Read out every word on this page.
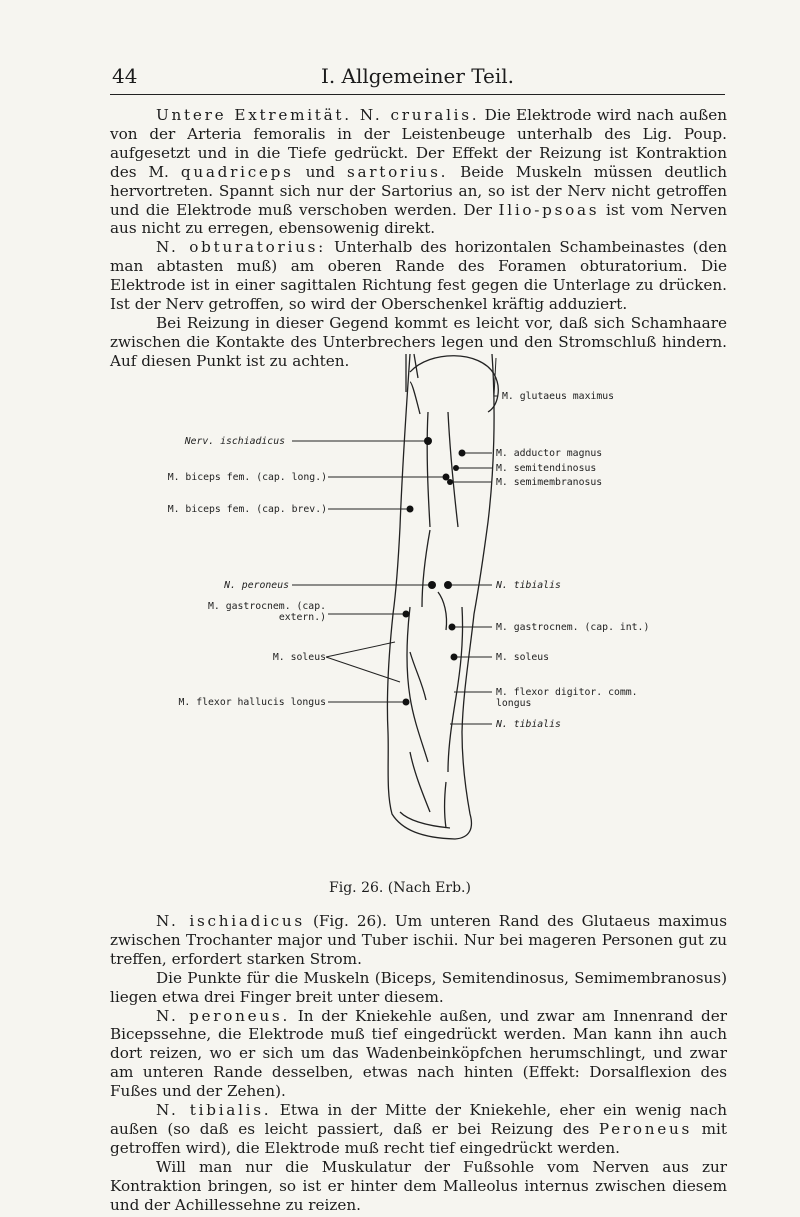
44	I. Allgemeiner Teil.

Untere Extremität. N. cruralis. Die Elektrode wird nach außen von der Arteria femoralis in der Leistenbeuge unterhalb des Lig. Poup. aufgesetzt und in die Tiefe gedrückt. Der Effekt der Reizung ist Kontraktion des M. quadriceps und sartorius. Beide Muskeln müssen deutlich hervortreten. Spannt sich nur der Sartorius an, so ist der Nerv nicht getroffen und die Elektrode muß verschoben werden. Der Ilio-psoas ist vom Nerven aus nicht zu erregen, ebensowenig direkt.

N. obturatorius: Unterhalb des horizontalen Schambeinastes (den man abtasten muß) am oberen Rande des Foramen obturatorium. Die Elektrode ist in einer sagittalen Richtung fest gegen die Unterlage zu drücken. Ist der Nerv getroffen, so wird der Oberschenkel kräftig adduziert.

Bei Reizung in dieser Gegend kommt es leicht vor, daß sich Schamhaare zwischen die Kontakte des Unterbrechers legen und den Stromschluß hindern. Auf diesen Punkt ist zu achten.

Nerv. ischiadicus
M. biceps fem. (cap. long.)
M. biceps fem. (cap. brev.)
N. peroneus
M. gastrocnem. (cap.
extern.)
M. soleus
M. flexor hallucis longus
M. glutaeus maximus
M. adductor magnus
M. semitendinosus
M. semimembranosus
N. tibialis
M. gastrocnem. (cap. int.)
M. soleus
M. flexor digitor. comm.
longus
N. tibialis
Fig. 26. (Nach Erb.)

N. ischiadicus (Fig. 26). Um unteren Rand des Glutaeus maximus zwischen Trochanter major und Tuber ischii. Nur bei mageren Personen gut zu treffen, erfordert starken Strom.

Die Punkte für die Muskeln (Biceps, Semitendinosus, Semimembranosus) liegen etwa drei Finger breit unter diesem.

N. peroneus. In der Kniekehle außen, und zwar am Innenrand der Bicepssehne, die Elektrode muß tief eingedrückt werden. Man kann ihn auch dort reizen, wo er sich um das Wadenbeinköpfchen herumschlingt, und zwar am unteren Rande desselben, etwas nach hinten (Effekt: Dorsalflexion des Fußes und der Zehen).

N. tibialis. Etwa in der Mitte der Kniekehle, eher ein wenig nach außen (so daß es leicht passiert, daß er bei Reizung des Peroneus mit getroffen wird), die Elektrode muß recht tief eingedrückt werden.

Will man nur die Muskulatur der Fußsohle vom Nerven aus zur Kontraktion bringen, so ist er hinter dem Malleolus internus zwischen diesem und der Achillessehne zu reizen.
